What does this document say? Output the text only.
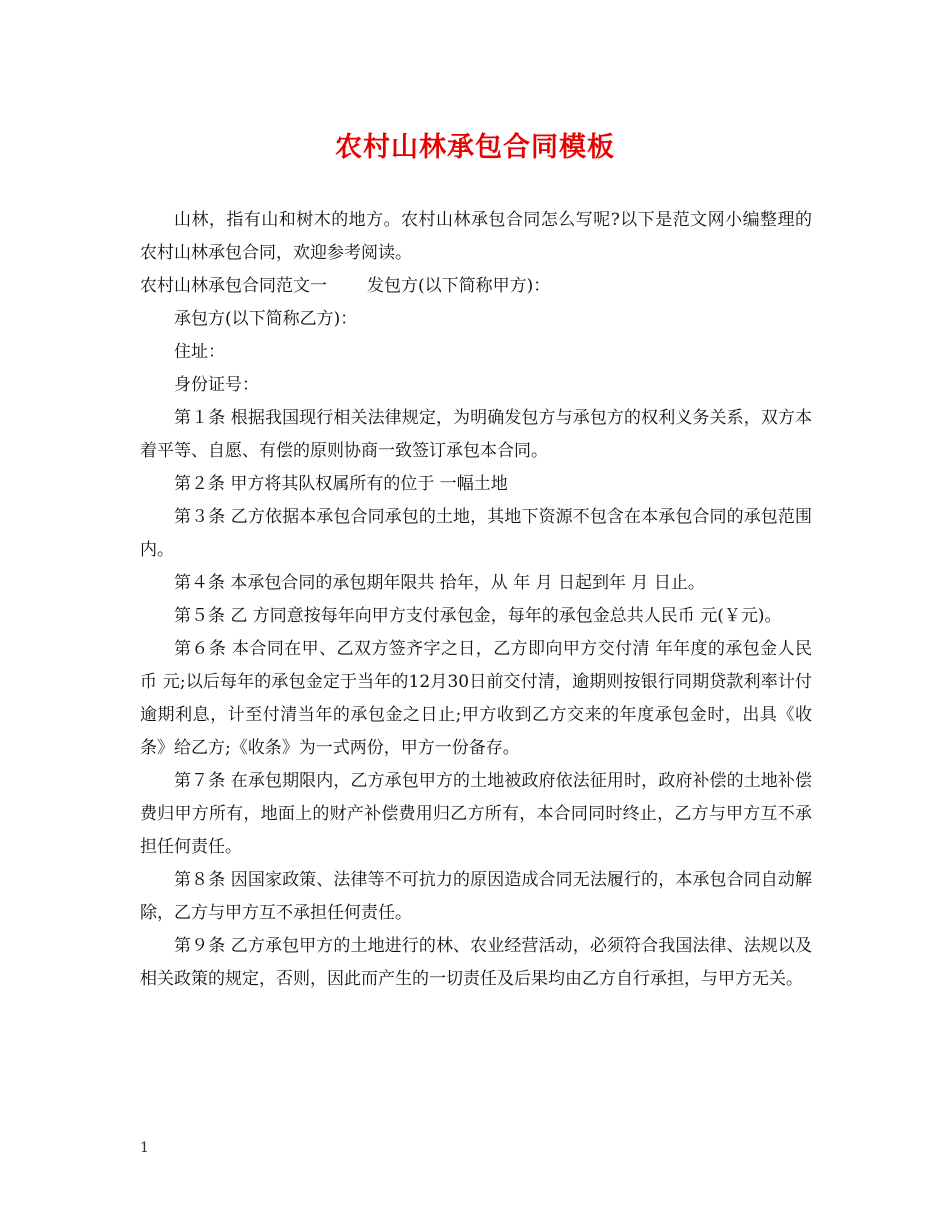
农村山林承包合同模板

山林，指有山和树木的地方。农村山林承包合同怎么写呢?以下是范文网小编整理的农村山林承包合同，欢迎参考阅读。

农村山林承包合同范文一 发包方(以下简称甲方)：

承包方(以下简称乙方)：

住址：

身份证号：

第１条 根据我国现行相关法律规定，为明确发包方与承包方的权利义务关系，双方本着平等、自愿、有偿的原则协商一致签订承包本合同。

第２条 甲方将其队权属所有的位于 一幅土地

第３条 乙方依据本承包合同承包的土地，其地下资源不包含在本承包合同的承包范围内。

第４条 本承包合同的承包期年限共 拾年，从 年 月 日起到年 月 日止。

第５条 乙 方同意按每年向甲方支付承包金，每年的承包金总共人民币 元(￥元)。

第６条 本合同在甲、乙双方签齐字之日，乙方即向甲方交付清 年年度的承包金人民币 元;以后每年的承包金定于当年的12月30日前交付清，逾期则按银行同期贷款利率计付逾期利息，计至付清当年的承包金之日止;甲方收到乙方交来的年度承包金时，出具《收条》给乙方;《收条》为一式两份，甲方一份备存。

第７条 在承包期限内，乙方承包甲方的土地被政府依法征用时，政府补偿的土地补偿费归甲方所有，地面上的财产补偿费用归乙方所有，本合同同时终止，乙方与甲方互不承担任何责任。

第８条 因国家政策、法律等不可抗力的原因造成合同无法履行的，本承包合同自动解除，乙方与甲方互不承担任何责任。

第９条 乙方承包甲方的土地进行的林、农业经营活动，必须符合我国法律、法规以及相关政策的规定，否则，因此而产生的一切责任及后果均由乙方自行承担，与甲方无关。

1
